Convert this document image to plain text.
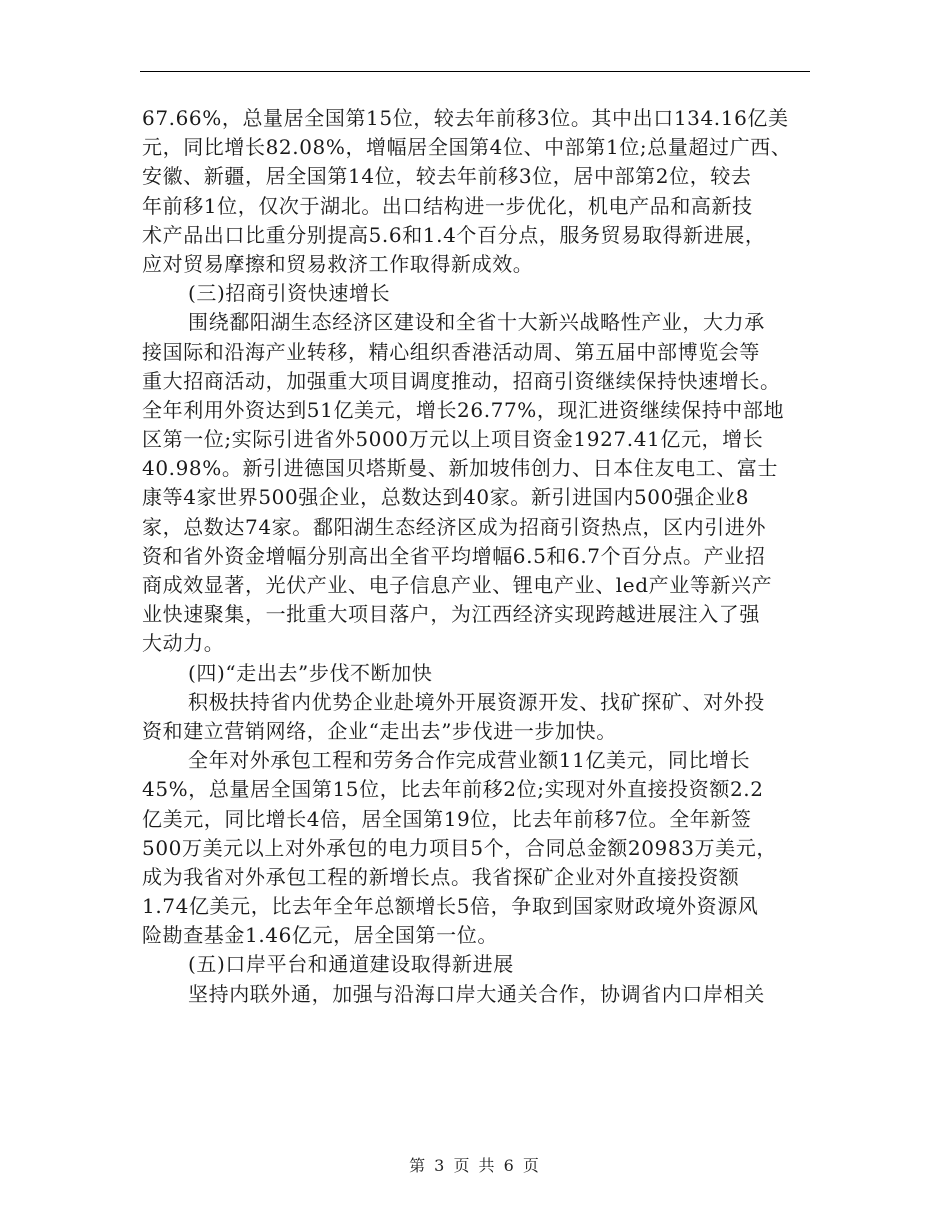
67.66%，总量居全国第15位，较去年前移3位。其中出口134.16亿美
元，同比增长82.08%，增幅居全国第4位、中部第1位;总量超过广西、
安徽、新疆，居全国第14位，较去年前移3位，居中部第2位，较去
年前移1位，仅次于湖北。出口结构进一步优化，机电产品和高新技
术产品出口比重分别提高5.6和1.4个百分点，服务贸易取得新进展，
应对贸易摩擦和贸易救济工作取得新成效。
(三)招商引资快速增长
围绕鄱阳湖生态经济区建设和全省十大新兴战略性产业，大力承
接国际和沿海产业转移，精心组织香港活动周、第五届中部博览会等
重大招商活动，加强重大项目调度推动，招商引资继续保持快速增长。
全年利用外资达到51亿美元，增长26.77%，现汇进资继续保持中部地
区第一位;实际引进省外5000万元以上项目资金1927.41亿元，增长
40.98%。新引进德国贝塔斯曼、新加坡伟创力、日本住友电工、富士
康等4家世界500强企业，总数达到40家。新引进国内500强企业8
家，总数达74家。鄱阳湖生态经济区成为招商引资热点，区内引进外
资和省外资金增幅分别高出全省平均增幅6.5和6.7个百分点。产业招
商成效显著，光伏产业、电子信息产业、锂电产业、led产业等新兴产
业快速聚集，一批重大项目落户，为江西经济实现跨越进展注入了强
大动力。
(四)“走出去”步伐不断加快
积极扶持省内优势企业赴境外开展资源开发、找矿探矿、对外投
资和建立营销网络，企业“走出去”步伐进一步加快。
全年对外承包工程和劳务合作完成营业额11亿美元，同比增长
45%，总量居全国第15位，比去年前移2位;实现对外直接投资额2.2
亿美元，同比增长4倍，居全国第19位，比去年前移7位。全年新签
500万美元以上对外承包的电力项目5个，合同总金额20983万美元，
成为我省对外承包工程的新增长点。我省探矿企业对外直接投资额
1.74亿美元，比去年全年总额增长5倍，争取到国家财政境外资源风
险勘查基金1.46亿元，居全国第一位。
(五)口岸平台和通道建设取得新进展
坚持内联外通，加强与沿海口岸大通关合作，协调省内口岸相关
第 3 页 共 6 页
